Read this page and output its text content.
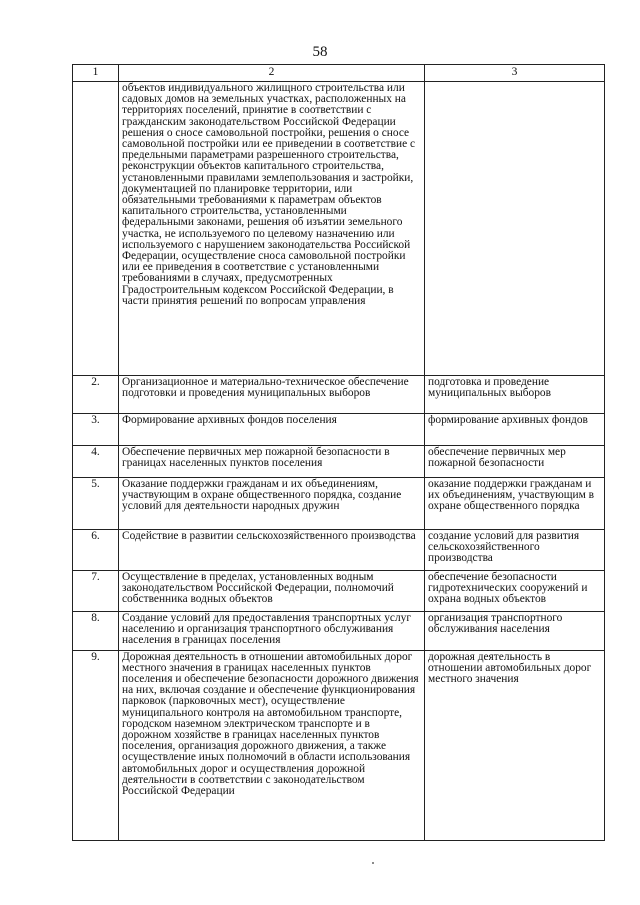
58
1	2	3
	объектов индивидуального жилищного строительства или садовых домов на земельных участках, расположенных на территориях поселений, принятие в соответствии с гражданским законодательством Российской Федерации решения о сносе самовольной постройки, решения о сносе самовольной постройки или ее приведении в соответствие с предельными параметрами разрешенного строительства, реконструкции объектов капитального строительства, установленными правилами землепользования и застройки, документацией по планировке территории, или обязательными требованиями к параметрам объектов капитального строительства, установленными федеральными законами, решения об изъятии земельного участка, не используемого по целевому назначению или используемого с нарушением законодательства Российской Федерации, осуществление сноса самовольной постройки или ее приведения в соответствие с установленными требованиями в случаях, предусмотренных Градостроительным кодексом Российской Федерации, в части принятия решений по вопросам управления	
2.	Организационное и материально-техническое обеспечение подготовки и проведения муниципальных выборов	подготовка и проведение муниципальных выборов
3.	Формирование архивных фондов поселения	формирование архивных фондов
4.	Обеспечение первичных мер пожарной безопасности в границах населенных пунктов поселения	обеспечение первичных мер пожарной безопасности
5.	Оказание поддержки гражданам и их объединениям, участвующим в охране общественного порядка, создание условий для деятельности народных дружин	оказание поддержки гражданам и их объединениям, участвующим в охране общественного порядка
6.	Содействие в развитии сельскохозяйственного производства	создание условий для развития сельскохозяйственного производства
7.	Осуществление в пределах, установленных водным законодательством Российской Федерации, полномочий собственника водных объектов	обеспечение безопасности гидротехнических сооружений и охрана водных объектов
8.	Создание условий для предоставления транспортных услуг населению и организация транспортного обслуживания населения в границах поселения	организация транспортного обслуживания населения
9.	Дорожная деятельность в отношении автомобильных дорог местного значения в границах населенных пунктов поселения и обеспечение безопасности дорожного движения на них, включая создание и обеспечение функционирования парковок (парковочных мест), осуществление муниципального контроля на автомобильном транспорте, городском наземном электрическом транспорте и в дорожном хозяйстве в границах населенных пунктов поселения, организация дорожного движения, а также осуществление иных полномочий в области использования автомобильных дорог и осуществления дорожной деятельности в соответствии с законодательством Российской Федерации	дорожная деятельность в отношении автомобильных дорог местного значения
